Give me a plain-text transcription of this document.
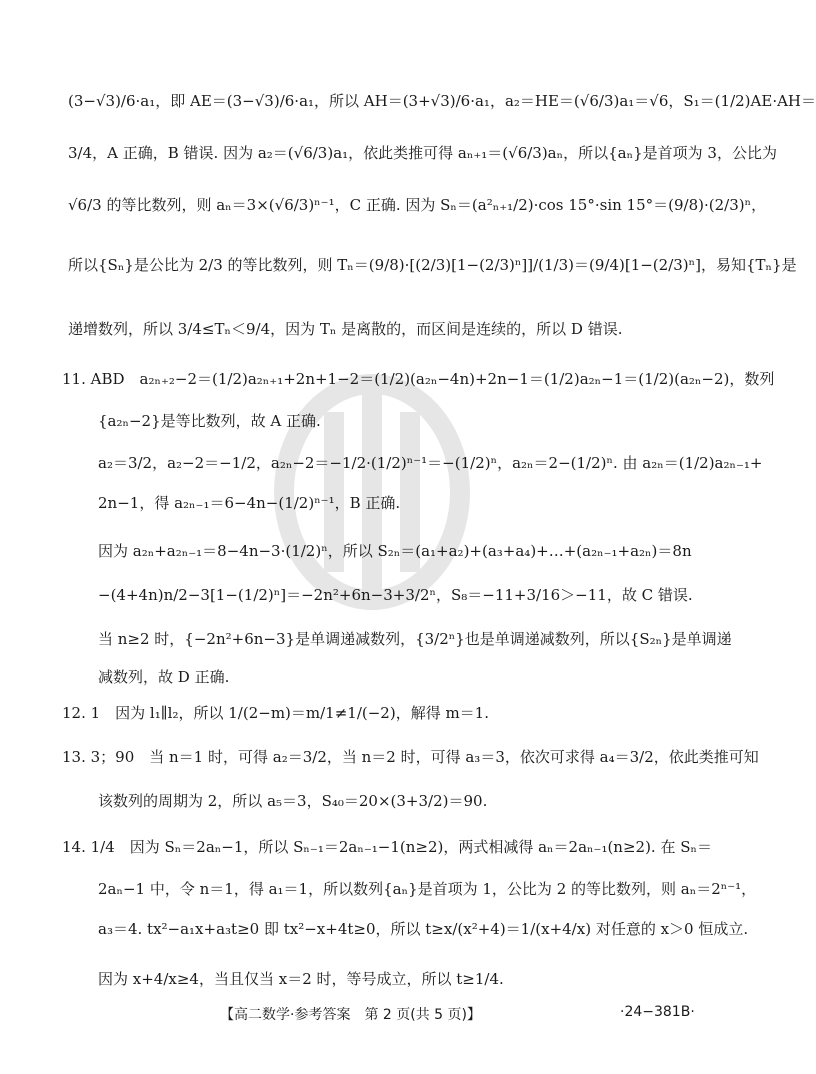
(3−√3)/6·a₁，即 AE＝(3−√3)/6·a₁，所以 AH＝(3+√3)/6·a₁，a₂＝HE＝(√6/3)a₁＝√6，S₁＝(1/2)AE·AH＝
3/4，A 正确，B 错误. 因为 a₂＝(√6/3)a₁，依此类推可得 aₙ₊₁＝(√6/3)aₙ，所以{aₙ}是首项为 3，公比为
√6/3 的等比数列，则 aₙ＝3×(√6/3)ⁿ⁻¹，C 正确. 因为 Sₙ＝(a²ₙ₊₁/2)·cos 15°·sin 15°＝(9/8)·(2/3)ⁿ，
所以{Sₙ}是公比为 2/3 的等比数列，则 Tₙ＝(9/8)·[(2/3)[1−(2/3)ⁿ]]/(1/3)＝(9/4)[1−(2/3)ⁿ]，易知{Tₙ}是
递增数列，所以 3/4≤Tₙ＜9/4，因为 Tₙ 是离散的，而区间是连续的，所以 D 错误.
11. ABD　a₂ₙ₊₂−2＝(1/2)a₂ₙ₊₁+2n+1−2＝(1/2)(a₂ₙ−4n)+2n−1＝(1/2)a₂ₙ−1＝(1/2)(a₂ₙ−2)，数列
{a₂ₙ−2}是等比数列，故 A 正确.
a₂＝3/2，a₂−2＝−1/2，a₂ₙ−2＝−1/2·(1/2)ⁿ⁻¹＝−(1/2)ⁿ，a₂ₙ＝2−(1/2)ⁿ. 由 a₂ₙ＝(1/2)a₂ₙ₋₁+
2n−1，得 a₂ₙ₋₁＝6−4n−(1/2)ⁿ⁻¹，B 正确.
因为 a₂ₙ+a₂ₙ₋₁＝8−4n−3·(1/2)ⁿ，所以 S₂ₙ＝(a₁+a₂)+(a₃+a₄)+…+(a₂ₙ₋₁+a₂ₙ)＝8n
−(4+4n)n/2−3[1−(1/2)ⁿ]＝−2n²+6n−3+3/2ⁿ，S₈＝−11+3/16＞−11，故 C 错误.
当 n≥2 时，{−2n²+6n−3}是单调递减数列，{3/2ⁿ}也是单调递减数列，所以{S₂ₙ}是单调递
减数列，故 D 正确.
12. 1　因为 l₁∥l₂，所以 1/(2−m)＝m/1≠1/(−2)，解得 m＝1.
13. 3；90　当 n＝1 时，可得 a₂＝3/2，当 n＝2 时，可得 a₃＝3，依次可求得 a₄＝3/2，依此类推可知
该数列的周期为 2，所以 a₅＝3，S₄₀＝20×(3+3/2)＝90.
14. 1/4　因为 Sₙ＝2aₙ−1，所以 Sₙ₋₁＝2aₙ₋₁−1(n≥2)，两式相减得 aₙ＝2aₙ₋₁(n≥2). 在 Sₙ＝
2aₙ−1 中，令 n＝1，得 a₁＝1，所以数列{aₙ}是首项为 1，公比为 2 的等比数列，则 aₙ＝2ⁿ⁻¹，
a₃＝4. tx²−a₁x+a₃t≥0 即 tx²−x+4t≥0，所以 t≥x/(x²+4)＝1/(x+4/x) 对任意的 x＞0 恒成立.
因为 x+4/x≥4，当且仅当 x＝2 时，等号成立，所以 t≥1/4.
【高二数学·参考答案　第 2 页(共 5 页)】	·24−381B·
